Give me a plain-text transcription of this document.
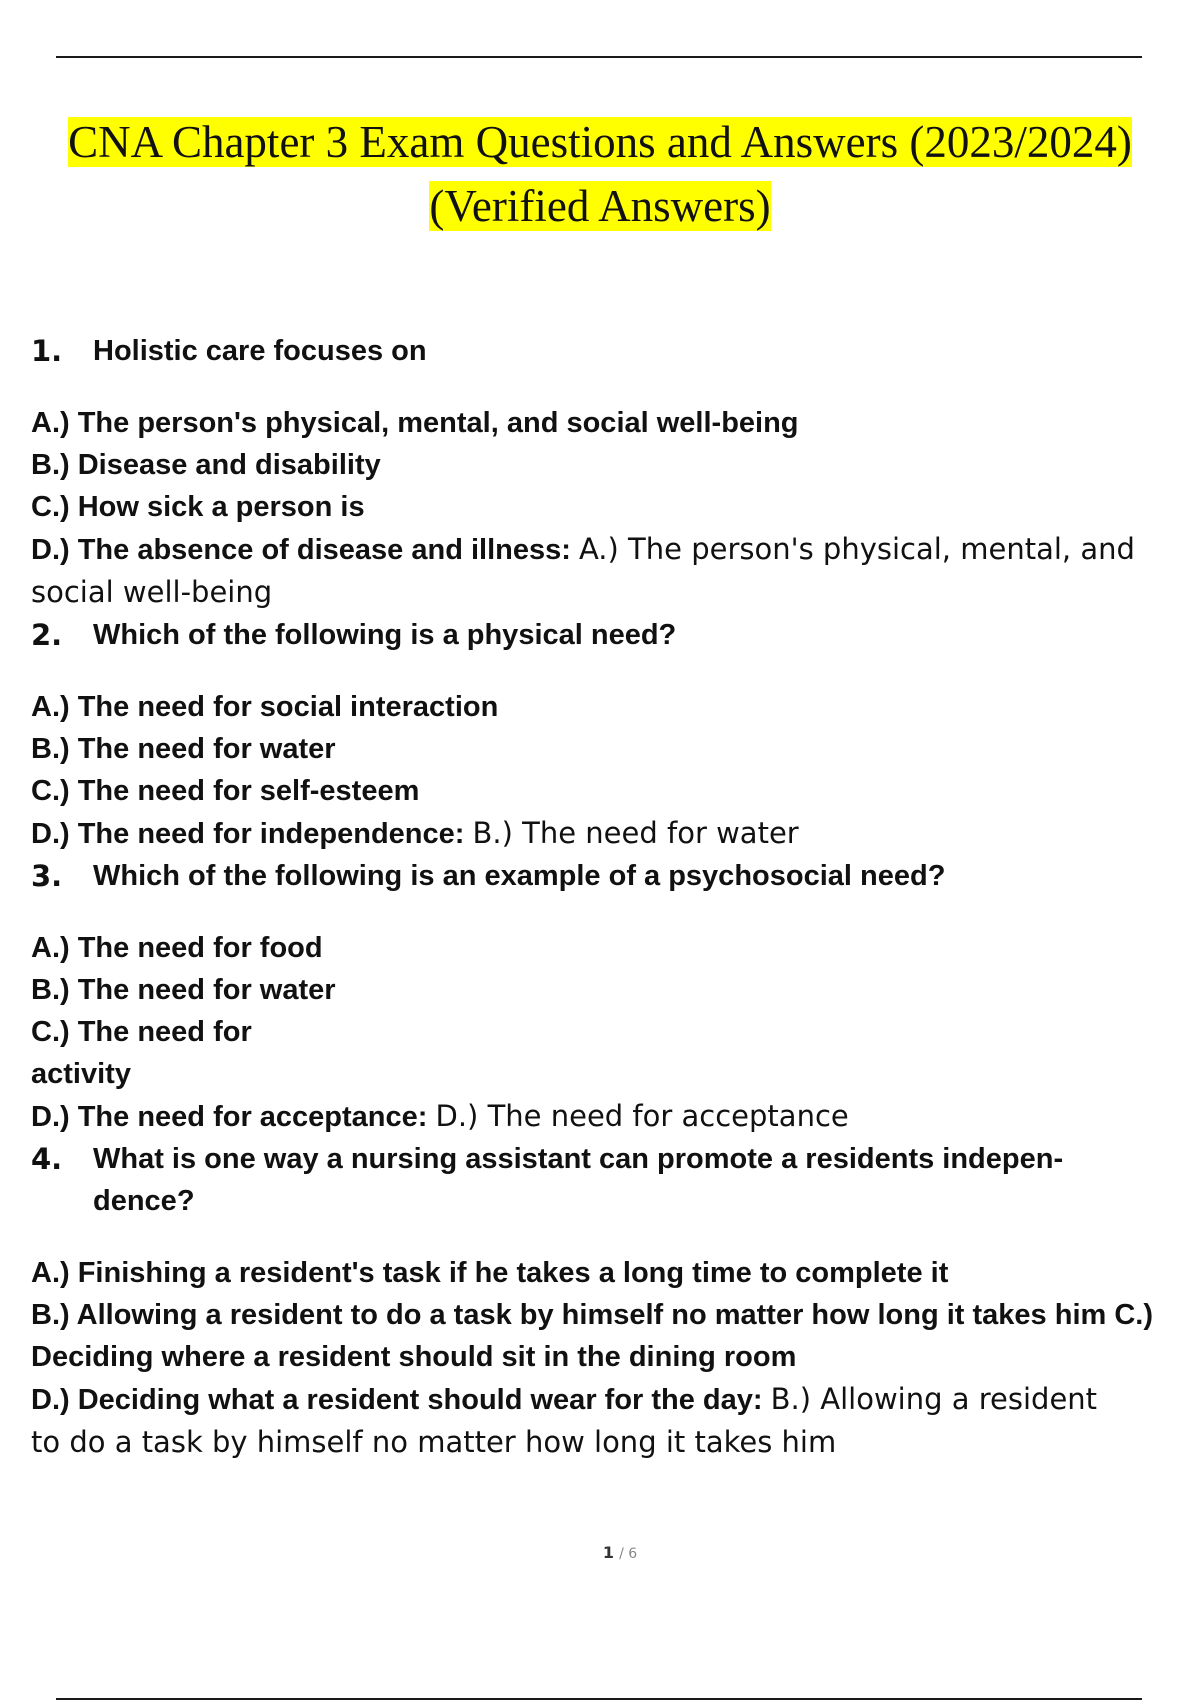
CNA Chapter 3 Exam Questions and Answers (2023/2024)
(Verified Answers)
1.	Holistic care focuses on
A.) The person's physical, mental, and social well-being
B.) Disease and disability
C.) How sick a person is
D.) The absence of disease and illness: A.) The person's physical, mental, and social well-being
2.	Which of the following is a physical need?
A.) The need for social interaction
B.) The need for water
C.) The need for self-esteem
D.) The need for independence: B.) The need for water
3.	Which of the following is an example of a psychosocial need?
A.) The need for food
B.) The need for water
C.) The need for
activity
D.) The need for acceptance: D.) The need for acceptance
4.	What is one way a nursing assistant can promote a residents indepen- dence?
A.) Finishing a resident's task if he takes a long time to complete it
B.) Allowing a resident to do a task by himself no matter how long it takes him C.) Deciding where a resident should sit in the dining room
D.) Deciding what a resident should wear for the day: B.) Allowing a resident to do a task by himself no matter how long it takes him
1 / 6
